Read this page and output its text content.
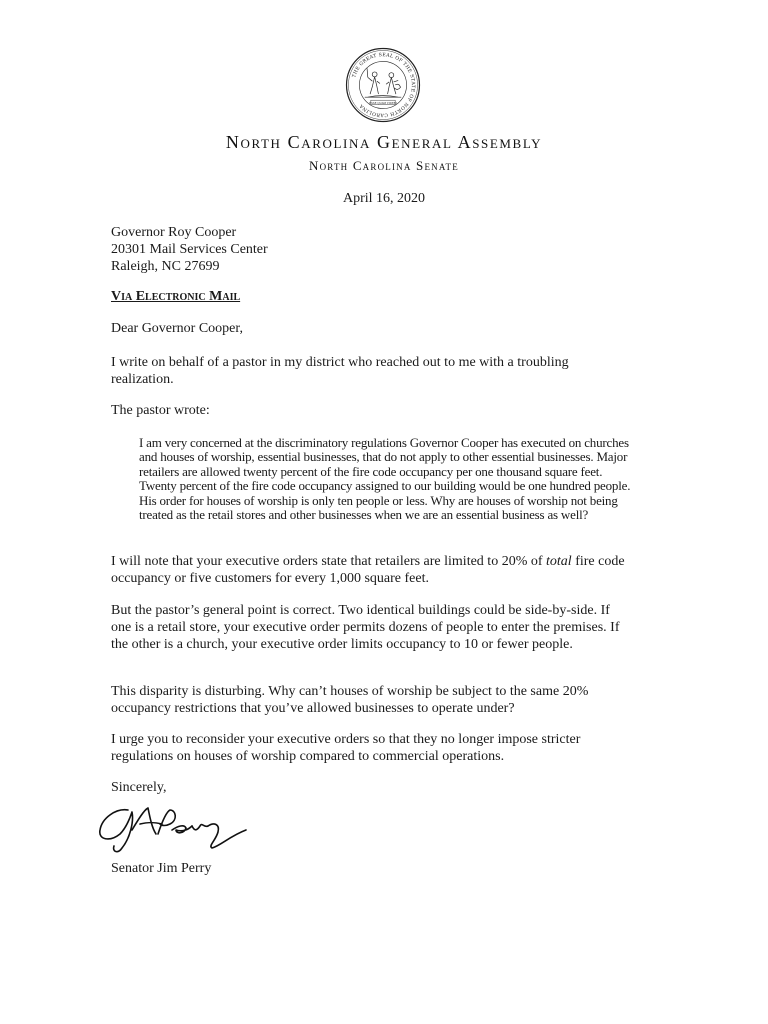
THE GREAT SEAL OF THE STATE OF NORTH CAROLINA	ESSE QUAM VIDERI
North Carolina General Assembly
North Carolina Senate
April 16, 2020
Governor Roy Cooper
20301 Mail Services Center
Raleigh, NC 27699
Via Electronic Mail
Dear Governor Cooper,
I write on behalf of a pastor in my district who reached out to me with a troubling realization.
The pastor wrote:
I am very concerned at the discriminatory regulations Governor Cooper has executed on churches and houses of worship, essential businesses, that do not apply to other essential businesses. Major retailers are allowed twenty percent of the fire code occupancy per one thousand square feet. Twenty percent of the fire code occupancy assigned to our building would be one hundred people. His order for houses of worship is only ten people or less. Why are houses of worship not being treated as the retail stores and other businesses when we are an essential business as well?
I will note that your executive orders state that retailers are limited to 20% of total fire code occupancy or five customers for every 1,000 square feet.
But the pastor’s general point is correct. Two identical buildings could be side-by-side. If one is a retail store, your executive order permits dozens of people to enter the premises. If the other is a church, your executive order limits occupancy to 10 or fewer people.
This disparity is disturbing. Why can’t houses of worship be subject to the same 20% occupancy restrictions that you’ve allowed businesses to operate under?
I urge you to reconsider your executive orders so that they no longer impose stricter regulations on houses of worship compared to commercial operations.
Sincerely,
Senator Jim Perry
